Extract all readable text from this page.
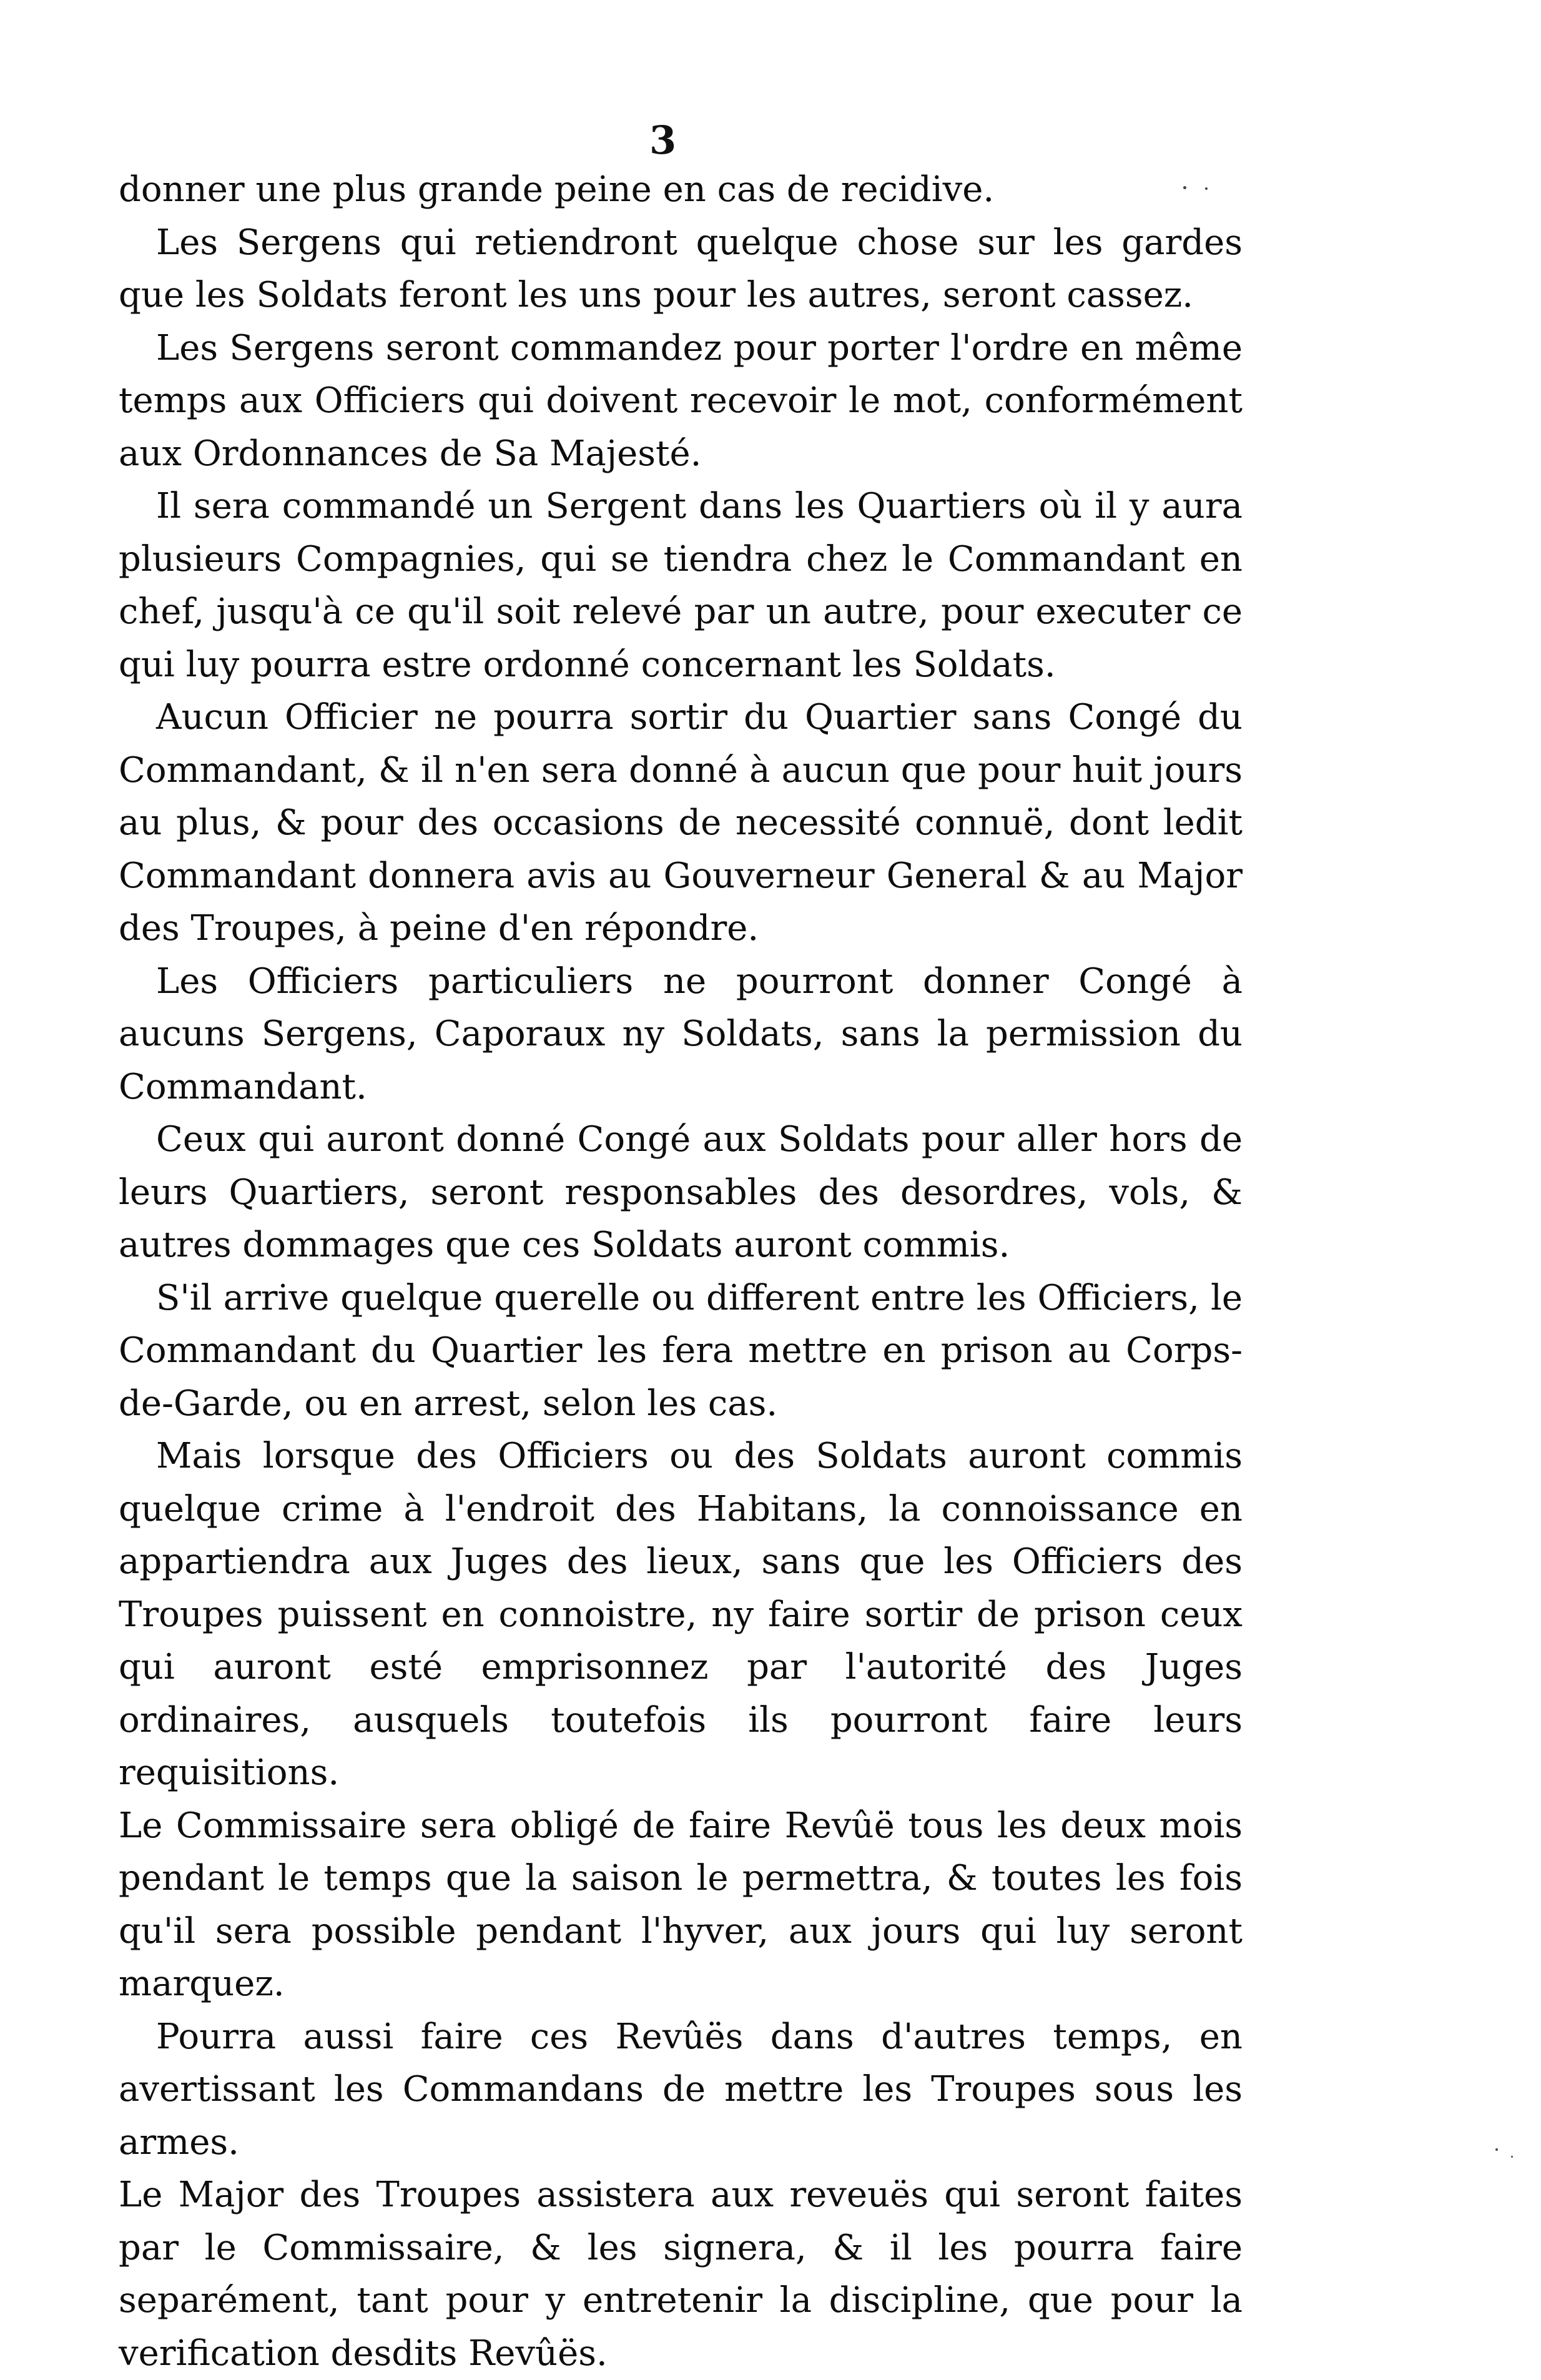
3

donner une plus grande peine en cas de recidive.

Les Sergens qui retiendront quelque chose sur les gardes que les Soldats feront les uns pour les autres, seront cassez.

Les Sergens seront commandez pour porter l'ordre en même temps aux Officiers qui doivent recevoir le mot, conformément aux Ordonnances de Sa Majesté.

Il sera commandé un Sergent dans les Quartiers où il y aura plusieurs Compagnies, qui se tiendra chez le Commandant en chef, jusqu'à ce qu'il soit relevé par un autre, pour executer ce qui luy pourra estre ordonné concernant les Soldats.

Aucun Officier ne pourra sortir du Quartier sans Congé du Commandant, & il n'en sera donné à aucun que pour huit jours au plus, & pour des occasions de necessité connuë, dont ledit Commandant donnera avis au Gouverneur General & au Major des Troupes, à peine d'en répondre.

Les Officiers particuliers ne pourront donner Congé à aucuns Sergens, Caporaux ny Soldats, sans la permission du Commandant.

Ceux qui auront donné Congé aux Soldats pour aller hors de leurs Quartiers, seront responsables des desordres, vols, & autres dommages que ces Soldats auront commis.

S'il arrive quelque querelle ou different entre les Officiers, le Commandant du Quartier les fera mettre en prison au Corps-de-Garde, ou en arrest, selon les cas.

Mais lorsque des Officiers ou des Soldats auront commis quelque crime à l'endroit des Habitans, la connoissance en appartiendra aux Juges des lieux, sans que les Officiers des Troupes puissent en connoistre, ny faire sortir de prison ceux qui auront esté emprisonnez par l'autorité des Juges ordinaires, ausquels toutefois ils pourront faire leurs requisitions.

Le Commissaire sera obligé de faire Revûë tous les deux mois pendant le temps que la saison le permettra, & toutes les fois qu'il sera possible pendant l'hyver, aux jours qui luy seront marquez.

Pourra aussi faire ces Revûës dans d'autres temps, en avertissant les Commandans de mettre les Troupes sous les armes.

Le Major des Troupes assistera aux reveuës qui seront faites par le Commissaire, & les signera, & il les pourra faire separément, tant pour y entretenir la discipline, que pour la verification desdits Revûës.
